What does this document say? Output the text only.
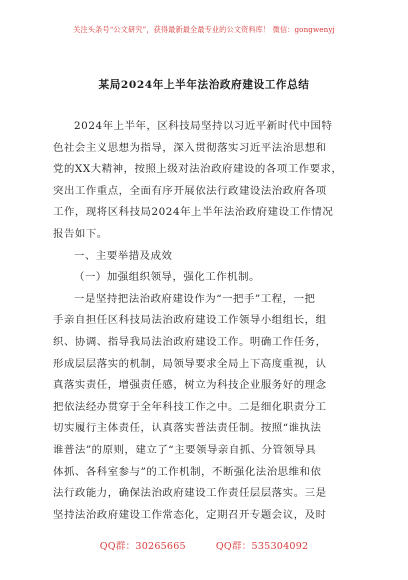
关注头条号“公文研究”，获得最新最全最专业的公文资料库！ 微信：gongwenyj
某局2024年上半年法治政府建设工作总结
2024年上半年，区科技局坚持以习近平新时代中国特
色社会主义思想为指导，深入贯彻落实习近平法治思想和
党的XX大精神，按照上级对法治政府建设的各项工作要求，
突出工作重点，全面有序开展依法行政建设法治政府各项
工作，现将区科技局2024年上半年法治政府建设工作情况
报告如下。
一、主要举措及成效
（一）加强组织领导，强化工作机制。
一是坚持把法治政府建设作为“一把手”工程，一把
手亲自担任区科技局法治政府建设工作领导小组组长，组
织、协调、指导我局法治政府建设工作。明确工作任务，
形成层层落实的机制，局领导要求全局上下高度重视，认
真落实责任，增强责任感，树立为科技企业服务好的理念
把依法经办贯穿于全年科技工作之中。二是细化职责分工
切实履行主体责任，认真落实普法责任制。按照“谁执法
谁普法”的原则，建立了“主要领导亲自抓、分管领导具
体抓、各科室参与”的工作机制，不断强化法治思维和依
法行政能力，确保法治政府建设工作责任层层落实。三是
坚持法治政府建设工作常态化，定期召开专题会议，及时
QQ群：30265665	QQ群：535304092
